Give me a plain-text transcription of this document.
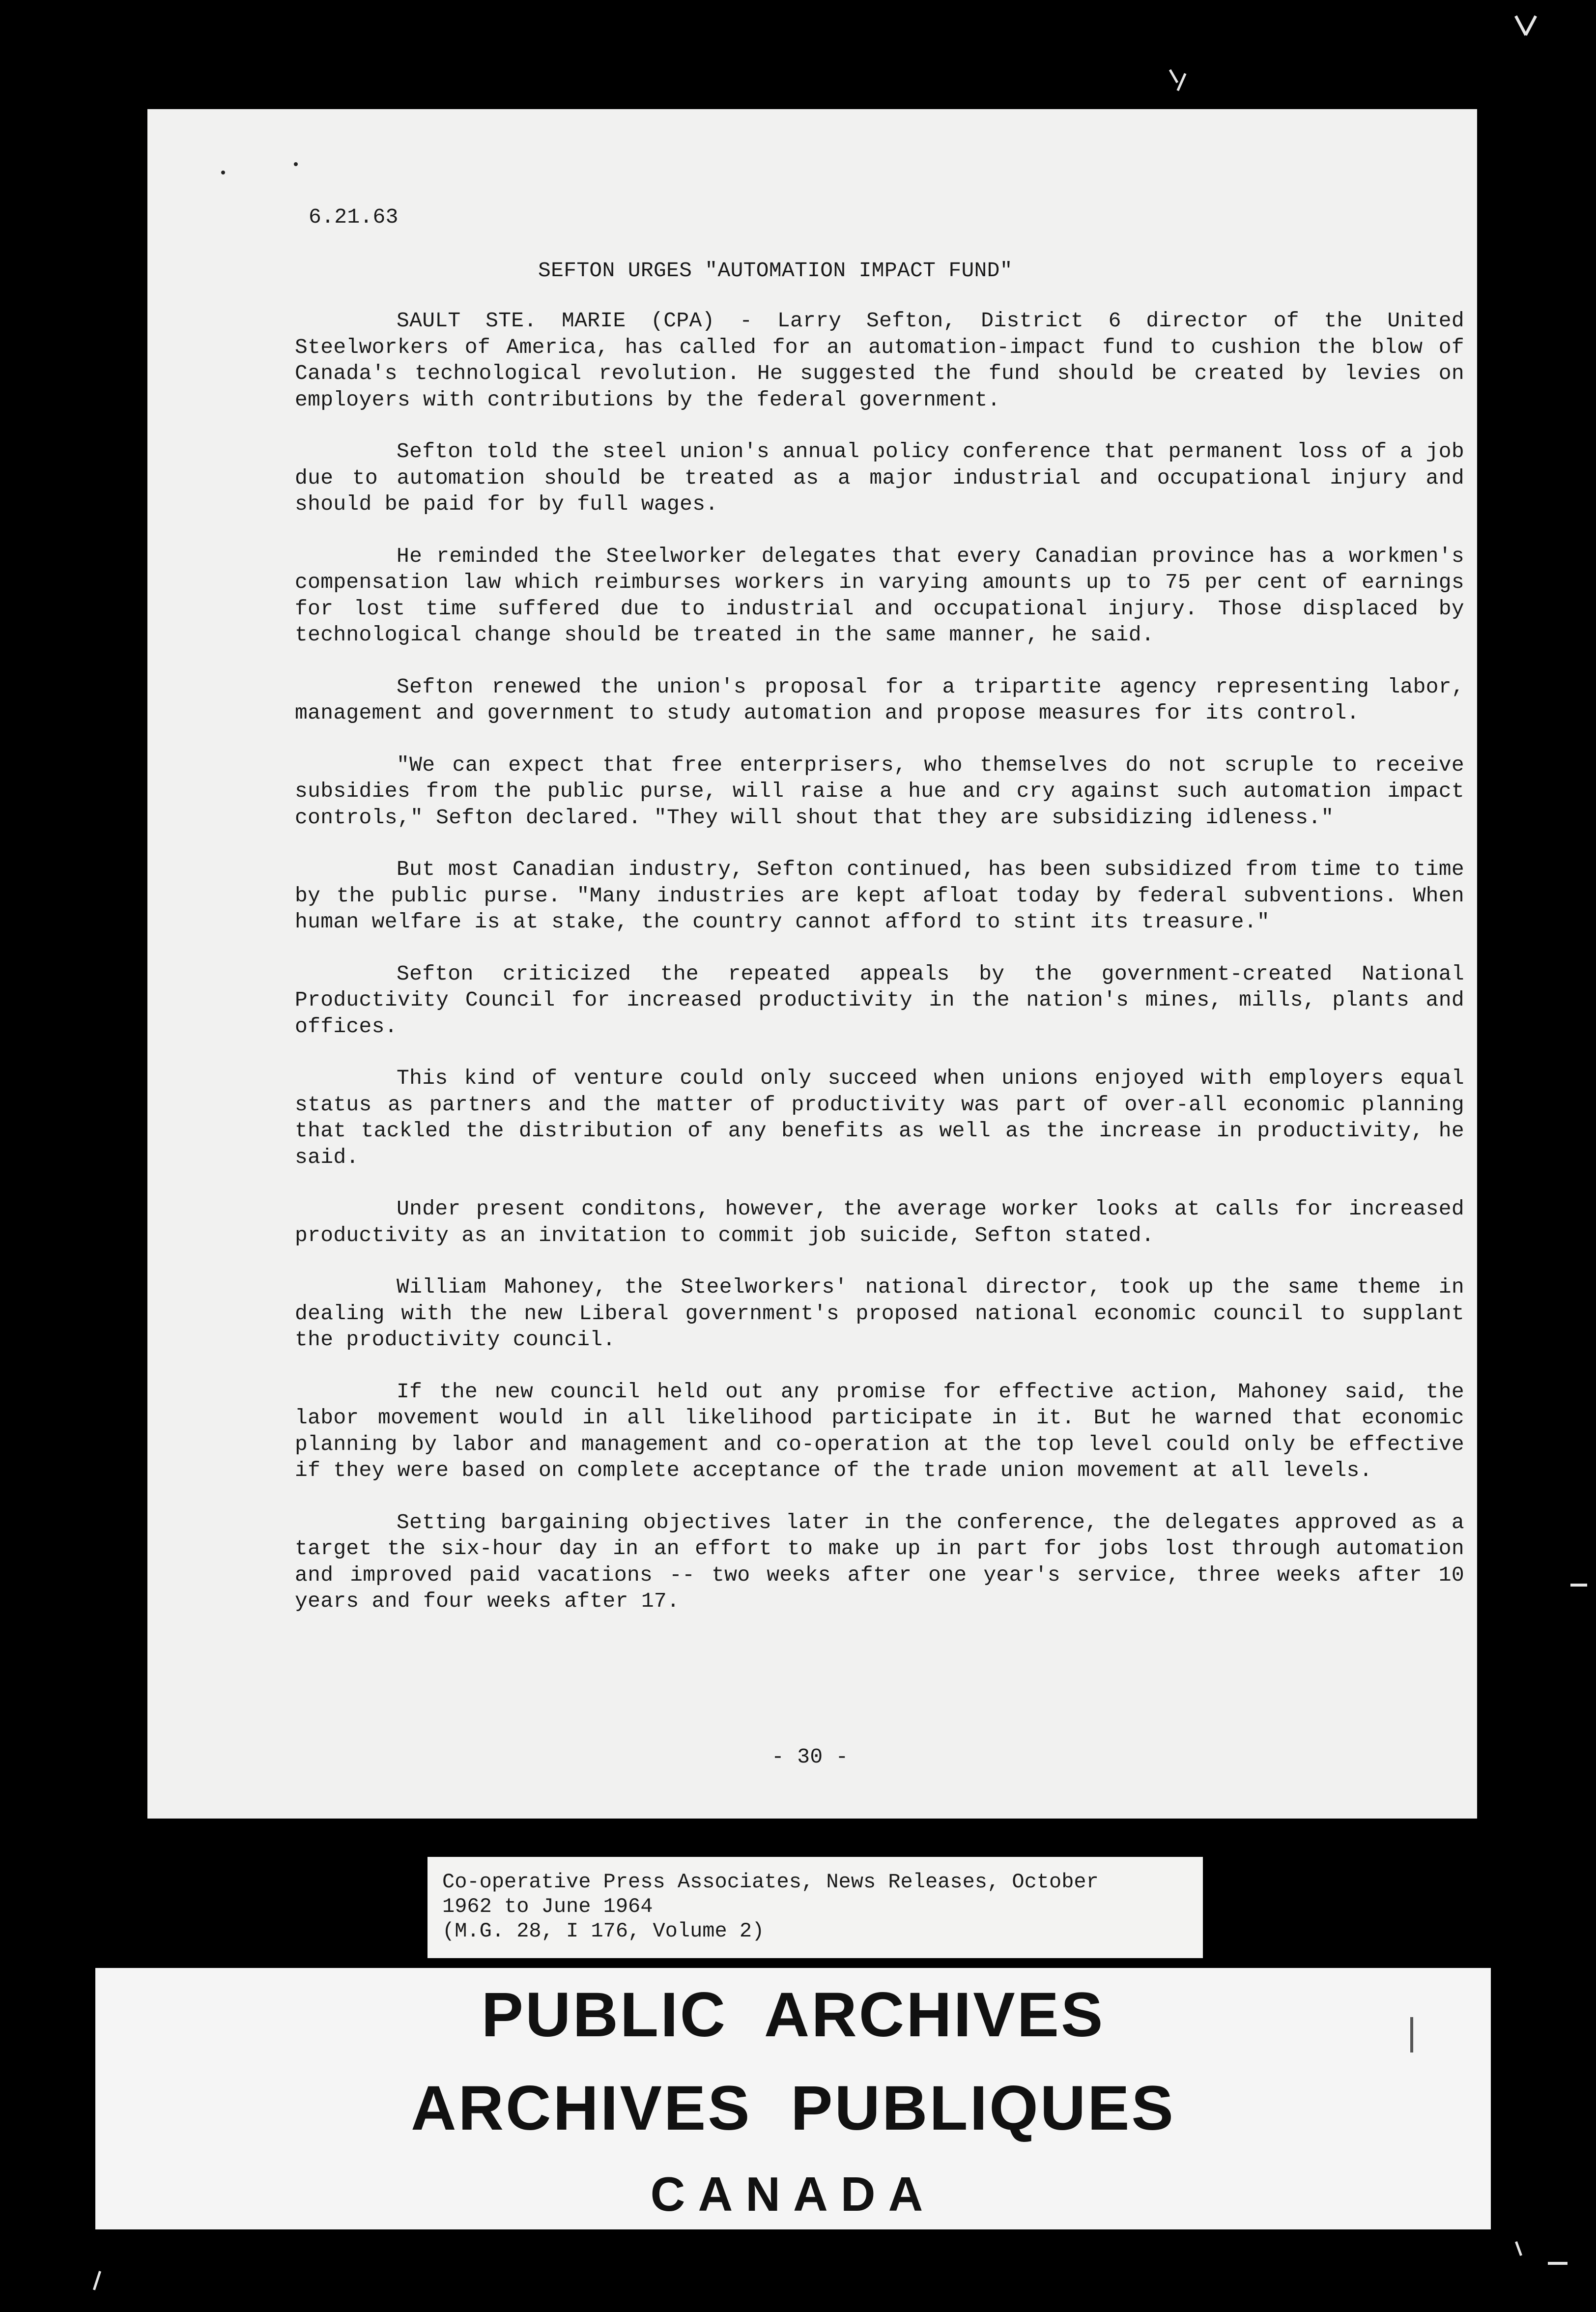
6.21.63
SEFTON URGES "AUTOMATION IMPACT FUND"

SAULT STE. MARIE (CPA) - Larry Sefton, District 6 director of the United Steelworkers of America, has called for an automation-impact fund to cushion the blow of Canada's technological revolution. He suggested the fund should be created by levies on employers with contributions by the federal government.

Sefton told the steel union's annual policy conference that permanent loss of a job due to automation should be treated as a major industrial and occupational injury and should be paid for by full wages.

He reminded the Steelworker delegates that every Canadian province has a workmen's compensation law which reimburses workers in varying amounts up to 75 per cent of earnings for lost time suffered due to industrial and occupational injury. Those displaced by technological change should be treated in the same manner, he said.

Sefton renewed the union's proposal for a tripartite agency representing labor, management and government to study automation and propose measures for its control.

"We can expect that free enterprisers, who themselves do not scruple to receive subsidies from the public purse, will raise a hue and cry against such automation impact controls," Sefton declared. "They will shout that they are subsidizing idleness."

But most Canadian industry, Sefton continued, has been subsidized from time to time by the public purse. "Many industries are kept afloat today by federal subventions. When human welfare is at stake, the country cannot afford to stint its treasure."

Sefton criticized the repeated appeals by the government-created National Productivity Council for increased productivity in the nation's mines, mills, plants and offices.

This kind of venture could only succeed when unions enjoyed with employers equal status as partners and the matter of productivity was part of over-all economic planning that tackled the distribution of any benefits as well as the increase in productivity, he said.

Under present conditons, however, the average worker looks at calls for increased productivity as an invitation to commit job suicide, Sefton stated.

William Mahoney, the Steelworkers' national director, took up the same theme in dealing with the new Liberal government's proposed national economic council to supplant the productivity council.

If the new council held out any promise for effective action, Mahoney said, the labor movement would in all likelihood participate in it. But he warned that economic planning by labor and management and co-operation at the top level could only be effective if they were based on complete acceptance of the trade union movement at all levels.

Setting bargaining objectives later in the conference, the delegates approved as a target the six-hour day in an effort to make up in part for jobs lost through automation and improved paid vacations -- two weeks after one year's service, three weeks after 10 years and four weeks after 17.

- 30 -
Co-operative Press Associates, News Releases, October
1962 to June 1964
(M.G. 28, I 176, Volume 2)
PUBLIC ARCHIVES
ARCHIVES PUBLIQUES
CANADA
